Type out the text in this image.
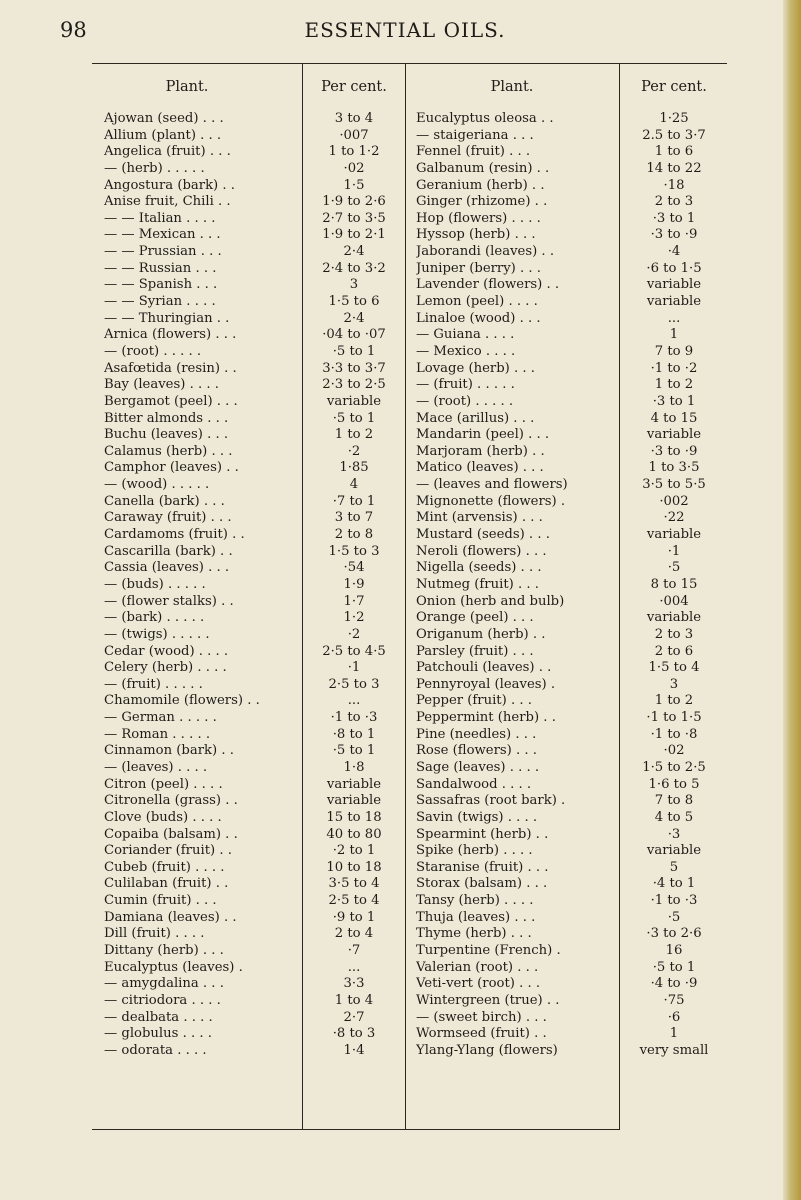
98	ESSENTIAL OILS.
Plant.
Ajowan (seed) . . .
Allium (plant) . . .
Angelica (fruit) . . .
— (herb) . . . . .
Angostura (bark) . .
Anise fruit, Chili . .
— — Italian . . . .
— — Mexican . . .
— — Prussian . . .
— — Russian . . .
— — Spanish . . .
— — Syrian . . . .
— — Thuringian . .
Arnica (flowers) . . .
— (root) . . . . .
Asafœtida (resin) . .
Bay (leaves) . . . .
Bergamot (peel) . . .
Bitter almonds . . .
Buchu (leaves) . . .
Calamus (herb) . . .
Camphor (leaves) . .
— (wood) . . . . .
Canella (bark) . . .
Caraway (fruit) . . .
Cardamoms (fruit) . .
Cascarilla (bark) . .
Cassia (leaves) . . .
— (buds) . . . . .
— (flower stalks) . .
— (bark) . . . . .
— (twigs) . . . . .
Cedar (wood) . . . .
Celery (herb) . . . .
— (fruit) . . . . .
Chamomile (flowers) . .
— German . . . . .
— Roman . . . . .
Cinnamon (bark) . .
— (leaves) . . . .
Citron (peel) . . . .
Citronella (grass) . .
Clove (buds) . . . .
Copaiba (balsam) . .
Coriander (fruit) . .
Cubeb (fruit) . . . .
Culilaban (fruit) . .
Cumin (fruit) . . .
Damiana (leaves) . .
Dill (fruit) . . . .
Dittany (herb) . . .
Eucalyptus (leaves) .
— amygdalina . . .
— citriodora . . . .
— dealbata . . . .
— globulus . . . .
— odorata . . . .
Per cent.
3 to 4
·007
1 to 1·2
·02
1·5
1·9 to 2·6
2·7 to 3·5
1·9 to 2·1
2·4
2·4 to 3·2
3
1·5 to 6
2·4
·04 to ·07
·5 to 1
3·3 to 3·7
2·3 to 2·5
variable
·5 to 1
1 to 2
·2
1·85
4
·7 to 1
3 to 7
2 to 8
1·5 to 3
·54
1·9
1·7
1·2
·2
2·5 to 4·5
·1
2·5 to 3
...
·1 to ·3
·8 to 1
·5 to 1
1·8
variable
variable
15 to 18
40 to 80
·2 to 1
10 to 18
3·5 to 4
2·5 to 4
·9 to 1
2 to 4
·7
...
3·3
1 to 4
2·7
·8 to 3
1·4
Plant.
Eucalyptus oleosa . .
— staigeriana . . .
Fennel (fruit) . . .
Galbanum (resin) . .
Geranium (herb) . .
Ginger (rhizome) . .
Hop (flowers) . . . .
Hyssop (herb) . . .
Jaborandi (leaves) . .
Juniper (berry) . . .
Lavender (flowers) . .
Lemon (peel) . . . .
Linaloe (wood) . . .
— Guiana . . . .
— Mexico . . . .
Lovage (herb) . . .
— (fruit) . . . . .
— (root) . . . . .
Mace (arillus) . . .
Mandarin (peel) . . .
Marjoram (herb) . .
Matico (leaves) . . .
— (leaves and flowers)
Mignonette (flowers) .
Mint (arvensis) . . .
Mustard (seeds) . . .
Neroli (flowers) . . .
Nigella (seeds) . . .
Nutmeg (fruit) . . .
Onion (herb and bulb)
Orange (peel) . . .
Origanum (herb) . .
Parsley (fruit) . . .
Patchouli (leaves) . .
Pennyroyal (leaves) .
Pepper (fruit) . . .
Peppermint (herb) . .
Pine (needles) . . .
Rose (flowers) . . .
Sage (leaves) . . . .
Sandalwood . . . .
Sassafras (root bark) .
Savin (twigs) . . . .
Spearmint (herb) . .
Spike (herb) . . . .
Staranise (fruit) . . .
Storax (balsam) . . .
Tansy (herb) . . . .
Thuja (leaves) . . .
Thyme (herb) . . .
Turpentine (French) .
Valerian (root) . . .
Veti-vert (root) . . .
Wintergreen (true) . .
— (sweet birch) . . .
Wormseed (fruit) . .
Ylang-Ylang (flowers)
Per cent.
1·25
2.5 to 3·7
1 to 6
14 to 22
·18
2 to 3
·3 to 1
·3 to ·9
·4
·6 to 1·5
variable
variable
...
1
7 to 9
·1 to ·2
1 to 2
·3 to 1
4 to 15
variable
·3 to ·9
1 to 3·5
3·5 to 5·5
·002
·22
variable
·1
·5
8 to 15
·004
variable
2 to 3
2 to 6
1·5 to 4
3
1 to 2
·1 to 1·5
·1 to ·8
·02
1·5 to 2·5
1·6 to 5
7 to 8
4 to 5
·3
variable
5
·4 to 1
·1 to ·3
·5
·3 to 2·6
16
·5 to 1
·4 to ·9
·75
·6
1
very small
